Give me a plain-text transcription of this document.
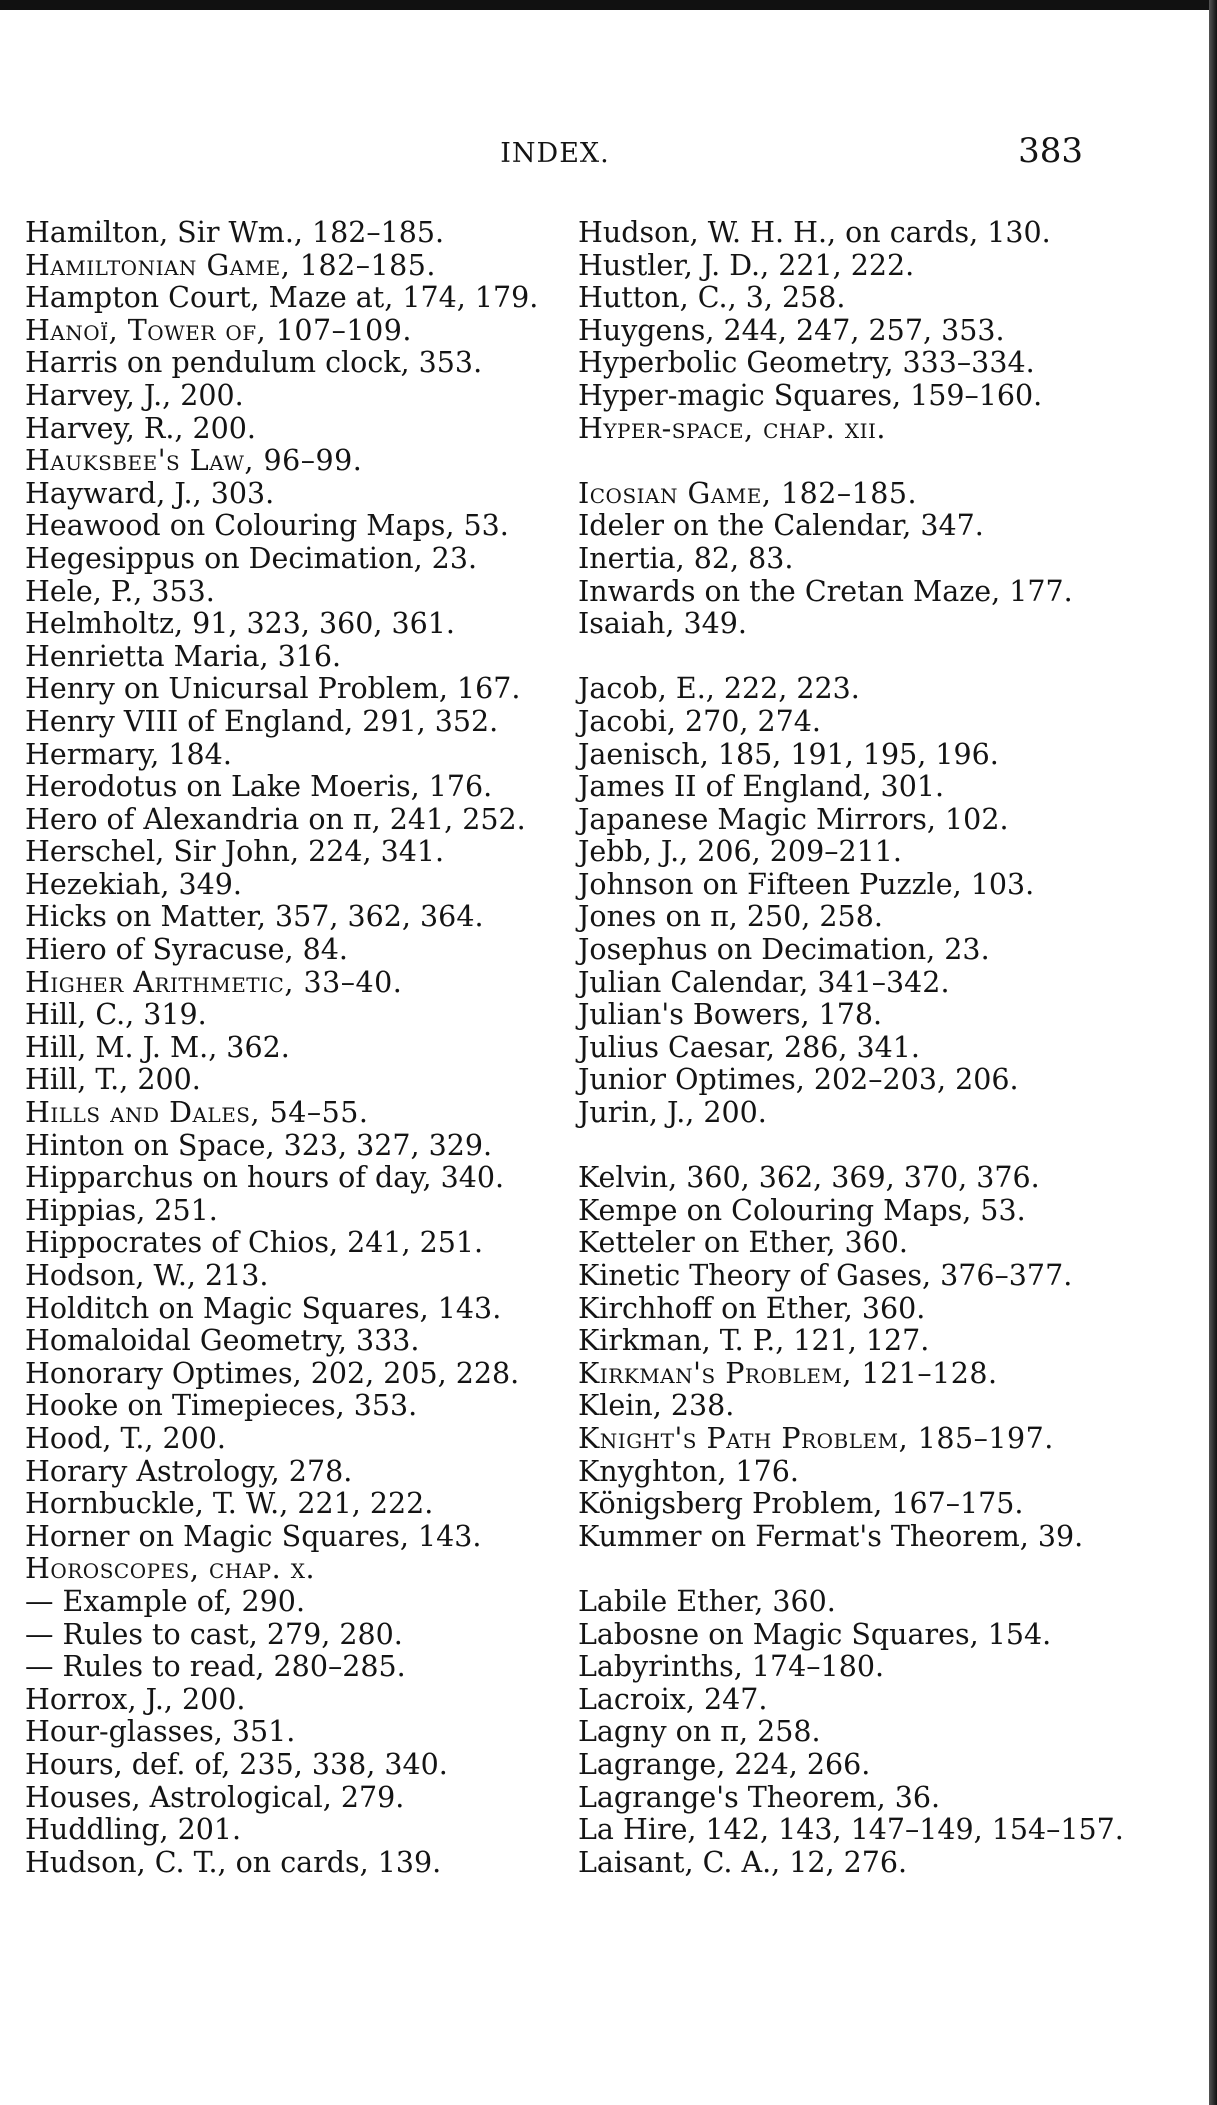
INDEX.	383
Hamilton, Sir Wm., 182–185.
Hamiltonian Game, 182–185.
Hampton Court, Maze at, 174, 179.
Hanoï, Tower of, 107–109.
Harris on pendulum clock, 353.
Harvey, J., 200.
Harvey, R., 200.
Hauksbee's Law, 96–99.
Hayward, J., 303.
Heawood on Colouring Maps, 53.
Hegesippus on Decimation, 23.
Hele, P., 353.
Helmholtz, 91, 323, 360, 361.
Henrietta Maria, 316.
Henry on Unicursal Problem, 167.
Henry VIII of England, 291, 352.
Hermary, 184.
Herodotus on Lake Moeris, 176.
Hero of Alexandria on π, 241, 252.
Herschel, Sir John, 224, 341.
Hezekiah, 349.
Hicks on Matter, 357, 362, 364.
Hiero of Syracuse, 84.
Higher Arithmetic, 33–40.
Hill, C., 319.
Hill, M. J. M., 362.
Hill, T., 200.
Hills and Dales, 54–55.
Hinton on Space, 323, 327, 329.
Hipparchus on hours of day, 340.
Hippias, 251.
Hippocrates of Chios, 241, 251.
Hodson, W., 213.
Holditch on Magic Squares, 143.
Homaloidal Geometry, 333.
Honorary Optimes, 202, 205, 228.
Hooke on Timepieces, 353.
Hood, T., 200.
Horary Astrology, 278.
Hornbuckle, T. W., 221, 222.
Horner on Magic Squares, 143.
Horoscopes, chap. x.
— Example of, 290.
— Rules to cast, 279, 280.
— Rules to read, 280–285.
Horrox, J., 200.
Hour-glasses, 351.
Hours, def. of, 235, 338, 340.
Houses, Astrological, 279.
Huddling, 201.
Hudson, C. T., on cards, 139.
Hudson, W. H. H., on cards, 130.
Hustler, J. D., 221, 222.
Hutton, C., 3, 258.
Huygens, 244, 247, 257, 353.
Hyperbolic Geometry, 333–334.
Hyper-magic Squares, 159–160.
Hyper-space, chap. xii.
Icosian Game, 182–185.
Ideler on the Calendar, 347.
Inertia, 82, 83.
Inwards on the Cretan Maze, 177.
Isaiah, 349.
Jacob, E., 222, 223.
Jacobi, 270, 274.
Jaenisch, 185, 191, 195, 196.
James II of England, 301.
Japanese Magic Mirrors, 102.
Jebb, J., 206, 209–211.
Johnson on Fifteen Puzzle, 103.
Jones on π, 250, 258.
Josephus on Decimation, 23.
Julian Calendar, 341–342.
Julian's Bowers, 178.
Julius Caesar, 286, 341.
Junior Optimes, 202–203, 206.
Jurin, J., 200.
Kelvin, 360, 362, 369, 370, 376.
Kempe on Colouring Maps, 53.
Ketteler on Ether, 360.
Kinetic Theory of Gases, 376–377.
Kirchhoff on Ether, 360.
Kirkman, T. P., 121, 127.
Kirkman's Problem, 121–128.
Klein, 238.
Knight's Path Problem, 185–197.
Knyghton, 176.
Königsberg Problem, 167–175.
Kummer on Fermat's Theorem, 39.
Labile Ether, 360.
Labosne on Magic Squares, 154.
Labyrinths, 174–180.
Lacroix, 247.
Lagny on π, 258.
Lagrange, 224, 266.
Lagrange's Theorem, 36.
La Hire, 142, 143, 147–149, 154–157.
Laisant, C. A., 12, 276.
